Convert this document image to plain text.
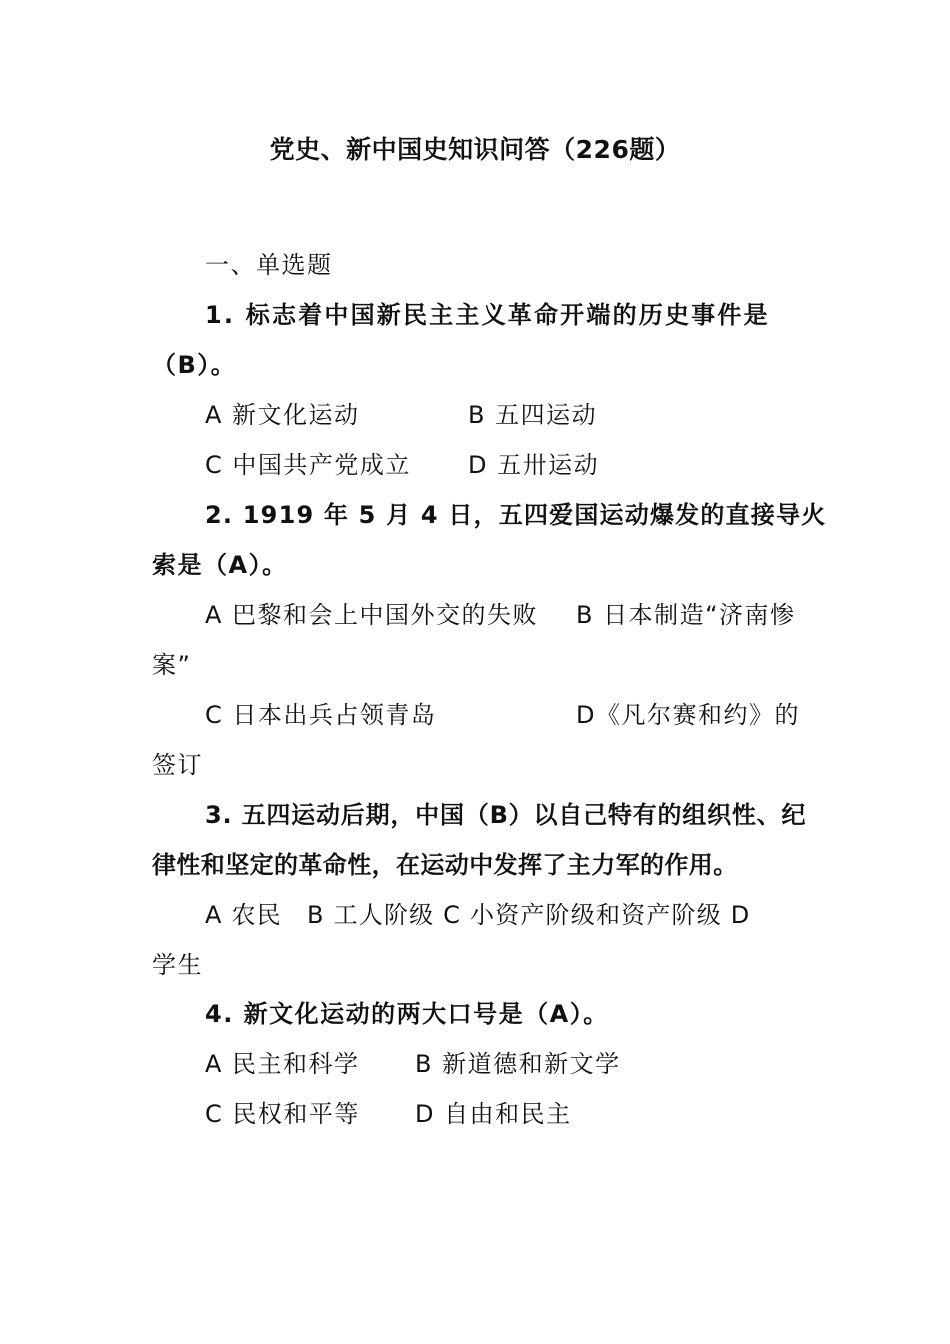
党史、新中国史知识问答（226题）
一、单选题
1. 标志着中国新民主主义革命开端的历史事件是
（B）。
A 新文化运动	B 五四运动
C 中国共产党成立 D 五卅运动
2. 1919 年 5 月 4 日，五四爱国运动爆发的直接导火
索是（A）。
A 巴黎和会上中国外交的失败 B 日本制造“济南惨
案”
C 日本出兵占领青岛	D《凡尔赛和约》的
签订
3. 五四运动后期，中国（B）以自己特有的组织性、纪
律性和坚定的革命性，在运动中发挥了主力军的作用。
A 农民　B 工人阶级 C 小资产阶级和资产阶级 D
学生
4. 新文化运动的两大口号是（A）。
A 民主和科学 B 新道德和新文学
C 民权和平等 D 自由和民主
